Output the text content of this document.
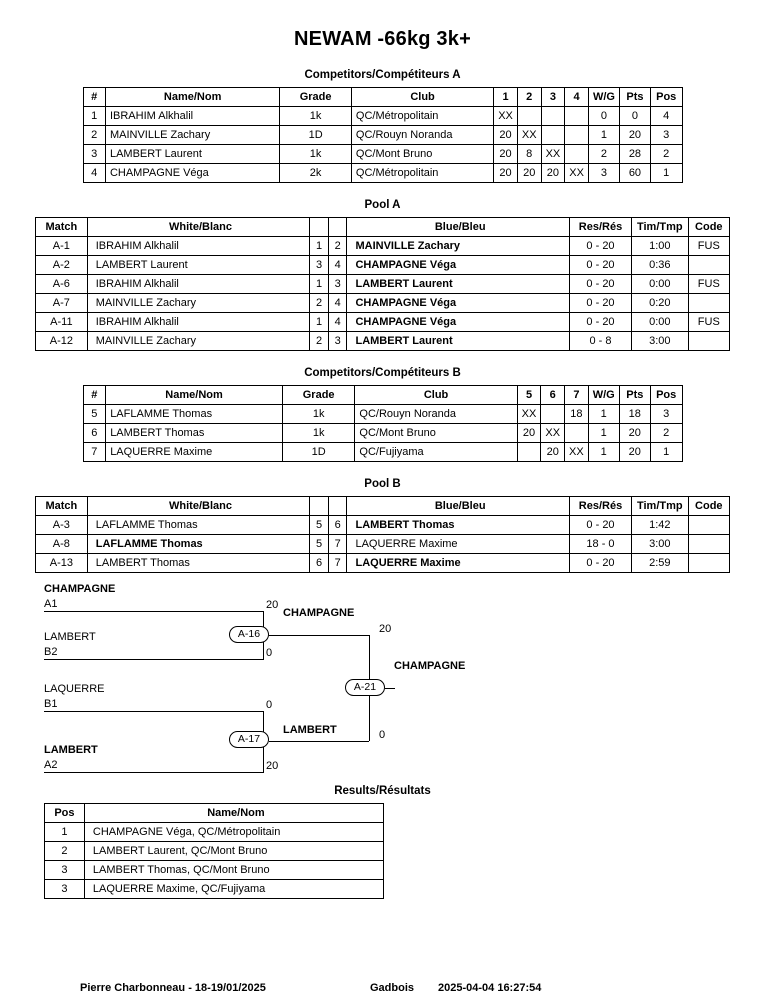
NEWAM -66kg 3k+
Competitors/Compétiteurs A
#	Name/Nom	Grade	Club	1	2	3	4	W/G	Pts	Pos
1	IBRAHIM Alkhalil	1k	QC/Métropolitain	XX				0	0	4
2	MAINVILLE Zachary	1D	QC/Rouyn Noranda	20	XX			1	20	3
3	LAMBERT Laurent	1k	QC/Mont Bruno	20	8	XX		2	28	2
4	CHAMPAGNE Véga	2k	QC/Métropolitain	20	20	20	XX	3	60	1
Pool A
Match	White/Blanc			Blue/Bleu	Res/Rés	Tim/Tmp	Code
A-1	IBRAHIM Alkhalil	1	2	MAINVILLE Zachary	0 - 20	1:00	FUS
A-2	LAMBERT Laurent	3	4	CHAMPAGNE Véga	0 - 20	0:36	
A-6	IBRAHIM Alkhalil	1	3	LAMBERT Laurent	0 - 20	0:00	FUS
A-7	MAINVILLE Zachary	2	4	CHAMPAGNE Véga	0 - 20	0:20	
A-11	IBRAHIM Alkhalil	1	4	CHAMPAGNE Véga	0 - 20	0:00	FUS
A-12	MAINVILLE Zachary	2	3	LAMBERT Laurent	0 - 8	3:00	
Competitors/Compétiteurs B
#	Name/Nom	Grade	Club	5	6	7	W/G	Pts	Pos
5	LAFLAMME Thomas	1k	QC/Rouyn Noranda	XX		18	1	18	3
6	LAMBERT Thomas	1k	QC/Mont Bruno	20	XX		1	20	2
7	LAQUERRE Maxime	1D	QC/Fujiyama		20	XX	1	20	1
Pool B
Match	White/Blanc			Blue/Bleu	Res/Rés	Tim/Tmp	Code
A-3	LAFLAMME Thomas	5	6	LAMBERT Thomas	0 - 20	1:42	
A-8	LAFLAMME Thomas	5	7	LAQUERRE Maxime	18 - 0	3:00	
A-13	LAMBERT Thomas	6	7	LAQUERRE Maxime	0 - 20	2:59	
CHAMPAGNE
A1	20
LAMBERT
B2	0
A-16
CHAMPAGNE
20
LAQUERRE
B1	0
LAMBERT
A2	20
A-17
LAMBERT	0
A-21
CHAMPAGNE
Results/Résultats
Pos	Name/Nom
1	CHAMPAGNE Véga, QC/Métropolitain
2	LAMBERT Laurent, QC/Mont Bruno
3	LAMBERT Thomas, QC/Mont Bruno
3	LAQUERRE Maxime, QC/Fujiyama
Pierre Charbonneau - 18-19/01/2025	Gadbois 2025-04-04 16:27:54
